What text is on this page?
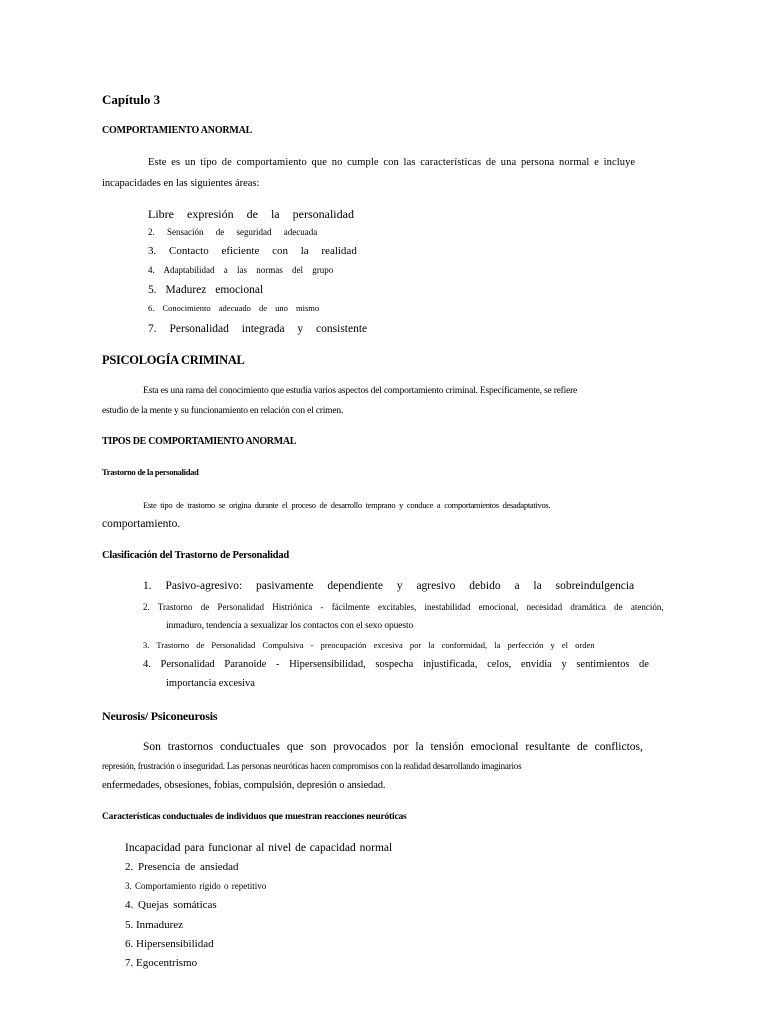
Capítulo 3
COMPORTAMIENTO ANORMAL
Este es un tipo de comportamiento que no cumple con las características de una persona normal e incluye
incapacidades en las siguientes áreas:
Libre expresión de la personalidad
2. Sensación de seguridad adecuada
3. Contacto eficiente con la realidad
4. Adaptabilidad a las normas del grupo
5. Madurez emocional
6. Conocimiento adecuado de uno mismo
7. Personalidad integrada y consistente
PSICOLOGÍA CRIMINAL
Esta es una rama del conocimiento que estudia varios aspectos del comportamiento criminal. Específicamente, se refiere
estudio de la mente y su funcionamiento en relación con el crimen.
TIPOS DE COMPORTAMIENTO ANORMAL
Trastorno de la personalidad
Este tipo de trastorno se origina durante el proceso de desarrollo temprano y conduce a comportamientos desadaptativos.
comportamiento.
Clasificación del Trastorno de Personalidad
1. Pasivo-agresivo: pasivamente dependiente y agresivo debido a la sobreindulgencia
2. Trastorno de Personalidad Histriónica - fácilmente excitables, inestabilidad emocional, necesidad dramática de atención,
inmaduro, tendencia a sexualizar los contactos con el sexo opuesto
3. Trastorno de Personalidad Compulsiva - preocupación excesiva por la conformidad, la perfección y el orden
4. Personalidad Paranoide - Hipersensibilidad, sospecha injustificada, celos, envidia y sentimientos de
importancia excesiva
Neurosis/ Psiconeurosis
Son trastornos conductuales que son provocados por la tensión emocional resultante de conflictos,
represión, frustración o inseguridad. Las personas neuróticas hacen compromisos con la realidad desarrollando imaginarios
enfermedades, obsesiones, fobias, compulsión, depresión o ansiedad.
Características conductuales de individuos que muestran reacciones neuróticas
Incapacidad para funcionar al nivel de capacidad normal
2. Presencia de ansiedad
3. Comportamiento rígido o repetitivo
4. Quejas somáticas
5. Inmadurez
6. Hipersensibilidad
7. Egocentrismo
